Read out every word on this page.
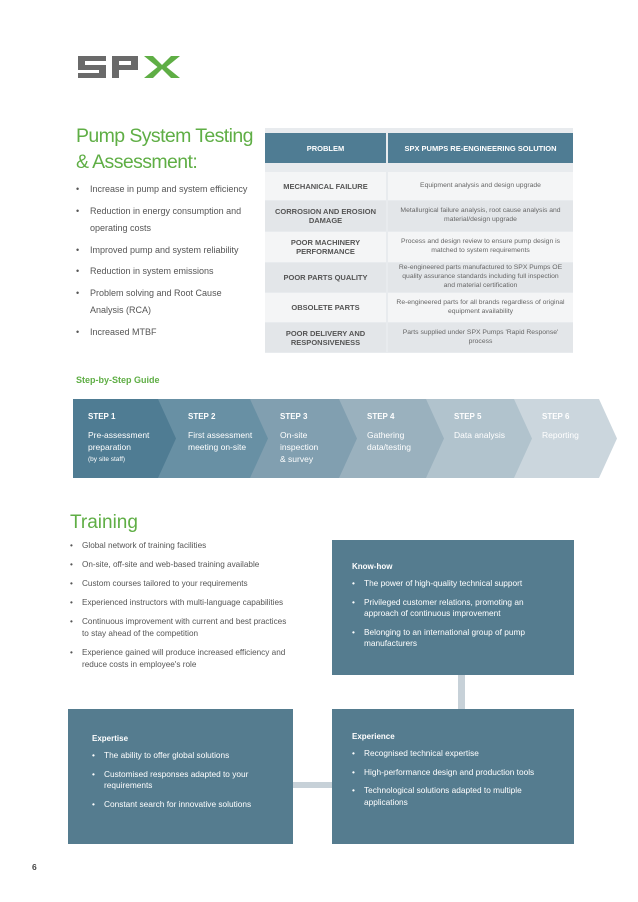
Pump System Testing
& Assessment:
• Increase in pump and system efficiency
• Reduction in energy consumption and operating costs
• Improved pump and system reliability
• Reduction in system emissions
• Problem solving and Root Cause Analysis (RCA)
• Increased MTBF
PROBLEM	SPX PUMPS RE-ENGINEERING SOLUTION
MECHANICAL FAILURE	Equipment analysis and design upgrade
CORROSION AND EROSION DAMAGE
Metallurgical failure analysis, root cause analysis and material/design upgrade
POOR MACHINERY PERFORMANCE
Process and design review to ensure pump design is matched to system requirements
POOR PARTS QUALITY
Re-engineered parts manufactured to SPX Pumps OE quality assurance standards including full inspection and material certification
OBSOLETE PARTS
Re-engineered parts for all brands regardless of original equipment availability
POOR DELIVERY AND RESPONSIVENESS
Parts supplied under SPX Pumps 'Rapid Response' process
Step-by-Step Guide
STEP 6
Reporting
STEP 5
Data analysis
STEP 4
Gathering data/testing
STEP 3
On-site inspection & survey
STEP 2
First assessment meeting on-site
STEP 1
Pre-assessment preparation
(by site staff)
Training
• Global network of training facilities
• On-site, off-site and web-based training available
• Custom courses tailored to your requirements
• Experienced instructors with multi-language capabilities
• Continuous improvement with current and best practices to stay ahead of the competition
• Experience gained will produce increased efficiency and reduce costs in employee's role
Know-how
• The power of high-quality technical support
• Privileged customer relations, promoting an approach of continuous improvement
• Belonging to an international group of pump manufacturers
Expertise
• The ability to offer global solutions
• Customised responses adapted to your requirements
• Constant search for innovative solutions
Experience
• Recognised technical expertise
• High-performance design and production tools
• Technological solutions adapted to multiple applications
6
